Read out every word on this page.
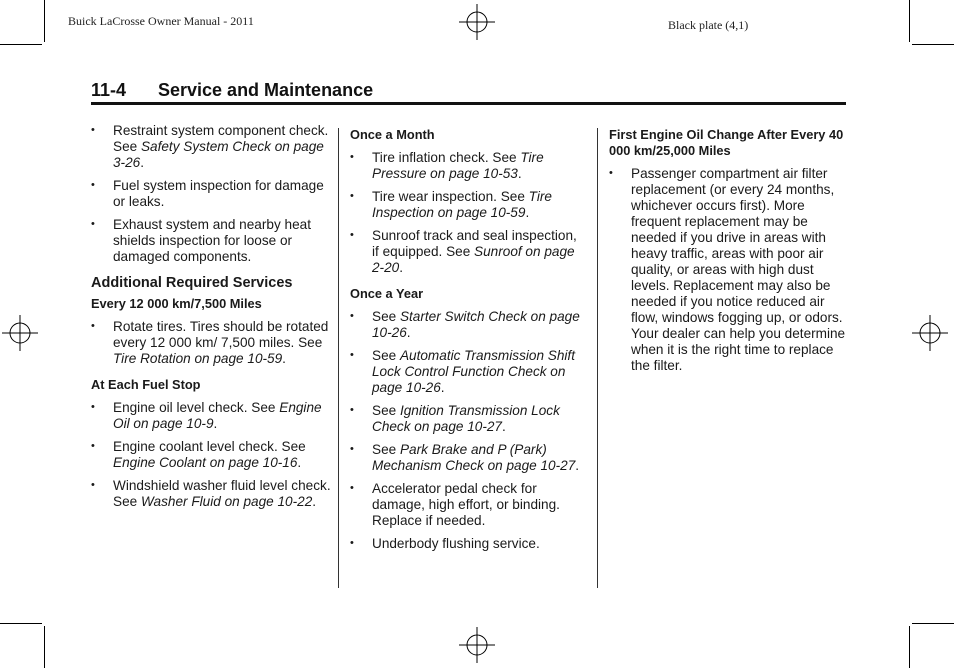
Buick LaCrosse Owner Manual - 2011	Black plate (4,1)
11-4 Service and Maintenance
• Restraint system component check. See Safety System Check on page 3-26.
• Fuel system inspection for damage or leaks.
• Exhaust system and nearby heat shields inspection for loose or damaged components.
Additional Required Services
Every 12 000 km/7,500 Miles
• Rotate tires. Tires should be rotated every 12 000 km/ 7,500 miles. See Tire Rotation on page 10-59.
At Each Fuel Stop
• Engine oil level check. See Engine Oil on page 10-9.
• Engine coolant level check. See Engine Coolant on page 10-16.
• Windshield washer fluid level check. See Washer Fluid on page 10-22.
Once a Month
• Tire inflation check. See Tire Pressure on page 10-53.
• Tire wear inspection. See Tire Inspection on page 10-59.
• Sunroof track and seal inspection, if equipped. See Sunroof on page 2-20.
Once a Year
• See Starter Switch Check on page 10-26.
• See Automatic Transmission Shift Lock Control Function Check on page 10-26.
• See Ignition Transmission Lock Check on page 10-27.
• See Park Brake and P (Park) Mechanism Check on page 10-27.
• Accelerator pedal check for damage, high effort, or binding. Replace if needed.
• Underbody flushing service.
First Engine Oil Change After Every 40 000 km/25,000 Miles
• Passenger compartment air filter replacement (or every 24 months, whichever occurs first). More frequent replacement may be needed if you drive in areas with heavy traffic, areas with poor air quality, or areas with high dust levels. Replacement may also be needed if you notice reduced air flow, windows fogging up, or odors. Your dealer can help you determine when it is the right time to replace the filter.
